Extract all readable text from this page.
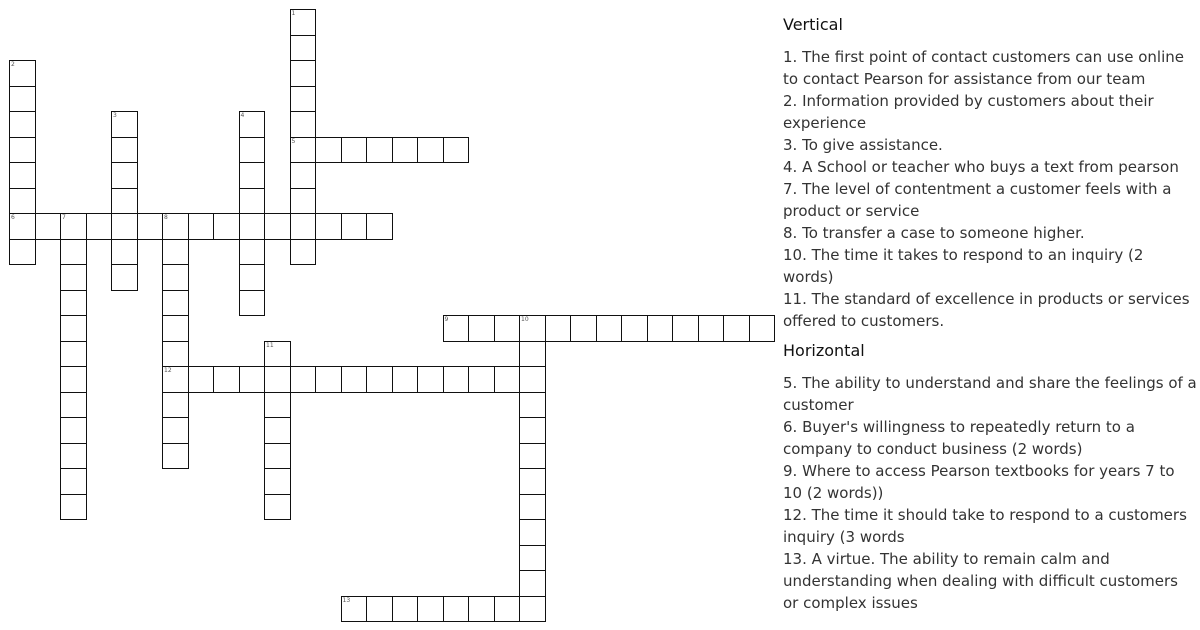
1
5
2
6
3	4
7	8
12
9	10
11
13
Vertical
1. The first point of contact customers can use online to contact Pearson for assistance from our team
2. Information provided by customers about their experience
3. To give assistance.
4. A School or teacher who buys a text from pearson
7. The level of contentment a customer feels with a product or service
8. To transfer a case to someone higher.
10. The time it takes to respond to an inquiry (2 words)
11. The standard of excellence in products or services offered to customers.
Horizontal
5. The ability to understand and share the feelings of a customer
6. Buyer's willingness to repeatedly return to a company to conduct business (2 words)
9. Where to access Pearson textbooks for years 7 to 10 (2 words))
12. The time it should take to respond to a customers inquiry (3 words
13. A virtue. The ability to remain calm and understanding when dealing with difficult customers or complex issues
